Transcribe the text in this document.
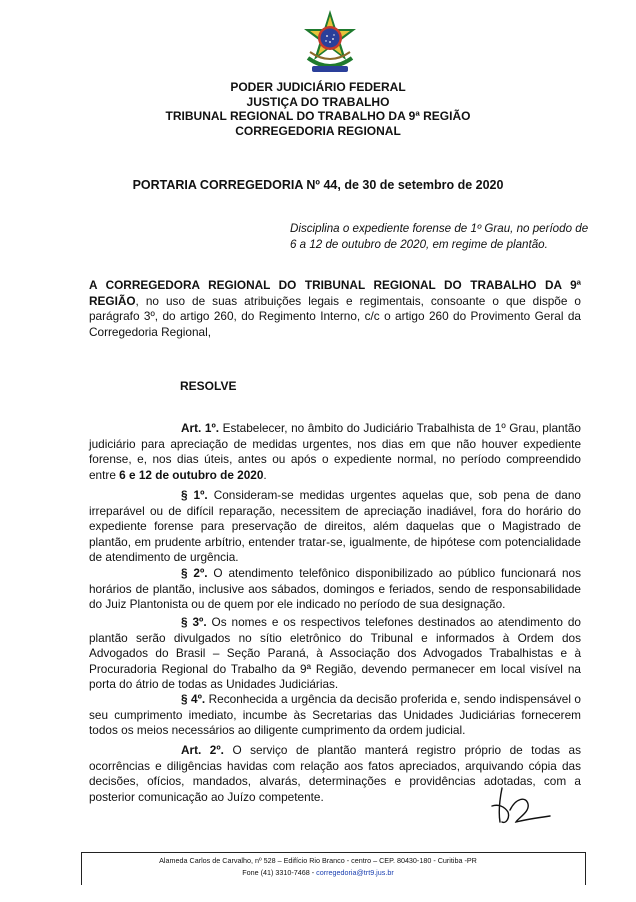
PODER JUDICIÁRIO FEDERAL
JUSTIÇA DO TRABALHO
TRIBUNAL REGIONAL DO TRABALHO DA 9ª REGIÃO
CORREGEDORIA REGIONAL
PORTARIA CORREGEDORIA Nº 44, de 30 de setembro de 2020
Disciplina o expediente forense de 1º Grau, no período de 6 a 12 de outubro de 2020, em regime de plantão.
A CORREGEDORA REGIONAL DO TRIBUNAL REGIONAL DO TRABALHO DA 9ª REGIÃO, no uso de suas atribuições legais e regimentais, consoante o que dispõe o parágrafo 3º, do artigo 260, do Regimento Interno, c/c o artigo 260 do Provimento Geral da Corregedoria Regional,
RESOLVE
Art. 1º. Estabelecer, no âmbito do Judiciário Trabalhista de 1º Grau, plantão judiciário para apreciação de medidas urgentes, nos dias em que não houver expediente forense, e, nos dias úteis, antes ou após o expediente normal, no período compreendido entre 6 e 12 de outubro de 2020.
§ 1º. Consideram-se medidas urgentes aquelas que, sob pena de dano irreparável ou de difícil reparação, necessitem de apreciação inadiável, fora do horário do expediente forense para preservação de direitos, além daquelas que o Magistrado de plantão, em prudente arbítrio, entender tratar-se, igualmente, de hipótese com potencialidade de atendimento de urgência.
§ 2º. O atendimento telefônico disponibilizado ao público funcionará nos horários de plantão, inclusive aos sábados, domingos e feriados, sendo de responsabilidade do Juiz Plantonista ou de quem por ele indicado no período de sua designação.
§ 3º. Os nomes e os respectivos telefones destinados ao atendimento do plantão serão divulgados no sítio eletrônico do Tribunal e informados à Ordem dos Advogados do Brasil – Seção Paraná, à Associação dos Advogados Trabalhistas e à Procuradoria Regional do Trabalho da 9ª Região, devendo permanecer em local visível na porta do átrio de todas as Unidades Judiciárias.
§ 4º. Reconhecida a urgência da decisão proferida e, sendo indispensável o seu cumprimento imediato, incumbe às Secretarias das Unidades Judiciárias fornecerem todos os meios necessários ao diligente cumprimento da ordem judicial.
Art. 2º. O serviço de plantão manterá registro próprio de todas as ocorrências e diligências havidas com relação aos fatos apreciados, arquivando cópia das decisões, ofícios, mandados, alvarás, determinações e providências adotadas, com a posterior comunicação ao Juízo competente.
Alameda Carlos de Carvalho, nº 528 – Edifício Rio Branco - centro – CEP. 80430-180 - Curitiba -PR
Fone (41) 3310-7468 - corregedoria@trt9.jus.br
